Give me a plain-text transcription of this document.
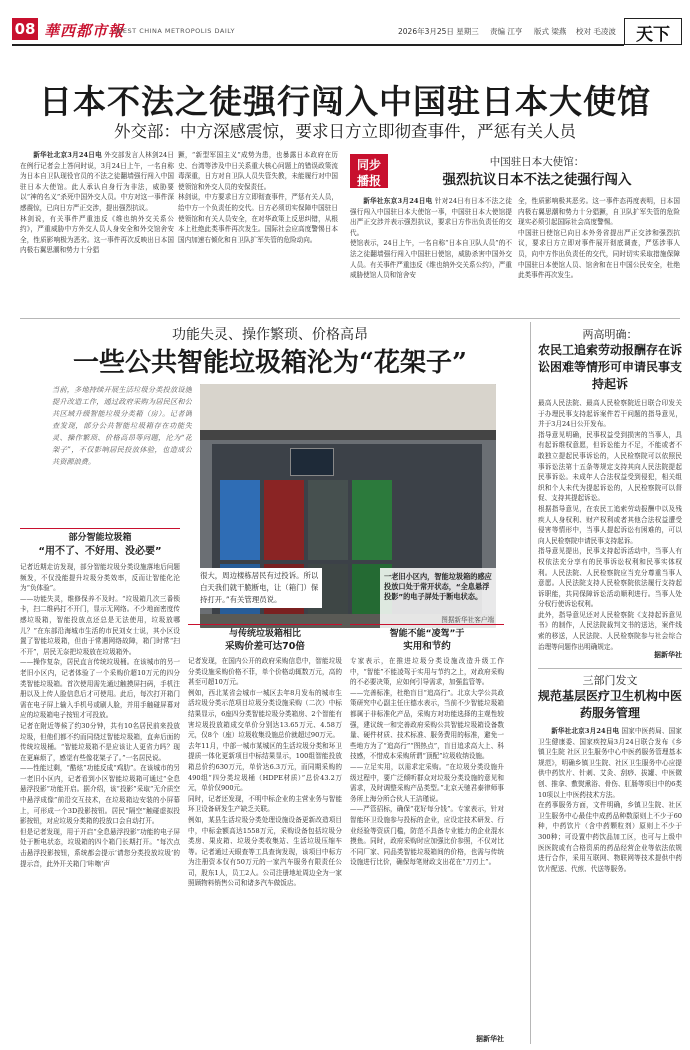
08 華西都市報
WEST CHINA METROPOLIS DAILY	2026年3月25日 星期三 责编 江亨 版式 梁燕 校对 毛凌波	天下
日本不法之徒强行闯入中国驻日本大使馆
外交部：中方深感震惊，要求日方立即彻查事件，严惩有关人员

新华社北京3月24日电 外交部发言人林剑24日在例行记者会上答问时说，3月24日上午，一名自称为日本自卫队现役官员的不法之徒翻墙强行闯入中国驻日本大使馆。此人承认自身行为非法，威胁要以“神的名义”杀死中国外交人员。中方对这一事件深感震惊，已向日方严正交涉，提出强烈抗议。
林剑说，有关事件严重违反《维也纳外交关系公约》，严重威胁中方外交人员人身安全和外交馆舍安全，性质影响极为恶劣。这一事件再次反映出日本国内极右翼思潮和势力十分猖

獗，“新型军国主义”成势为患，也暴露日本政府在历史、台湾等涉及中日关系重大核心问题上的错误政策流毒深重，日方对自卫队人员失管失教，未能履行对中国使领馆和外交人员的安保责任。
林剑说，中方要求日方立即彻查事件，严惩有关人员，给中方一个负责任的交代。日方必须切实保障中国驻日使领馆和有关人员安全，在对华政策上反思纠错，从根本上杜绝此类事件再次发生。国际社会应高度警惕日本国内加速右倾化和自卫队扩军失管的危险动向。
同步
播报
中国驻日本大使馆：
强烈抗议日本不法之徒强行闯入

新华社东京3月24日电 针对24日有日本不法之徒强行闯入中国驻日本大使馆一事，中国驻日本大使馆提出严正交涉并表示强烈抗议，要求日方作出负责任的交代。
使馆表示，24日上午，一名自称“日本自卫队人员”的不法之徒翻墙强行闯入中国驻日使馆，威胁杀害中国外交人员。有关事件严重违反《维也纳外交关系公约》，严重威胁使馆人员和馆舍安

全，性质影响极其恶劣。这一事件态再度表明，日本国内极右翼思潮和势力十分猖獗，自卫队扩军失管的危险现实必须引起国际社会高度警惕。
中国驻日使馆已向日本外务省提出严正交涉和强烈抗议，要求日方立即对事件展开彻底调查，严惩涉事人员，向中方作出负责任的交代，同时切实采取措施保障中国驻日本使馆人员、馆舍和在日中国公民安全，杜绝此类事件再次发生。
功能失灵、操作繁琐、价格高昂
一些公共智能垃圾箱沦为“花架子”
当前，多地持续开展生活垃圾分类投放设施提升改造工作，通过政府采购为居民区和公共区域升级智能垃圾分类箱（房）。记者调查发现，部分公共智能垃圾箱存在功能失灵、操作繁琐、价格高昂等问题，沦为“花架子”，不仅影响居民投放体验，也造成公共资源浪费。
一老旧小区内，智能垃圾箱的感应投放口处于常开状态，“全息悬浮投影”的电子屏处于断电状态。
图据新华社客户端
很大，周边楼栋居民有过投诉。所以白天我们就干脆断电，让（箱门）保持打开。”有关管理员说。
部分智能垃圾箱
“用不了、不好用、没必要”
记者近期走访发现，部分智能垃圾分类设施落地后问题频发，不仅没能提升垃圾分类效率，反而让智能化沦为“负体验”。
——功能失灵，维修保养不及时。“垃圾箱几次三番锁卡，扫二维码打不开门，显示无网络。不少地面密度传感垃圾箱，智能投放点还总是无法使用，垃圾放哪儿？”在东部沿海城市生活的市民刘女士说，其小区设置了智能垃圾箱，但由于常遇网络故障，箱门时常“扫不开”，居民无奈把垃圾放在垃圾箱外。
——操作复杂，居民直言传统垃圾桶。在该城市的另一老旧小区内，记者体验了一个采购价超10万元的四分类智能垃圾箱。首次使用需先通过触摸屏扫码，手机注册以及上传人脸信息后才可使用。此后，每次打开箱门需在电子屏上输入手机号或刷人脸，并用手触碰屏幕对应的垃圾箱电子按钮才可投放。
记者在附近等候了约30分钟，共有10名居民前来投放垃圾，但他们都不约而同绕过智能垃圾箱，直奔后面的传统垃圾桶。“智能垃圾箱不是应该让人更省力吗？现在更麻烦了，感觉有些像花架子了。”一名居民说。
——性能过剩，“酷炫”功能反成“鸡肋”。在该城市的另一老旧小区内，记者看到小区智能垃圾箱可通过“全息悬浮投影”功能开启。据介绍，该“投影”采取“无介质空中悬浮成像”前沿交互技术，在垃圾箱边安装的小屏幕上，可形成一个3D投影按钮。居民“隔空”触碰虚拟投影按钮，对应垃圾分类箱的投放口会自动打开。
但是记者发现，用于开启“全息悬浮投影”功能的电子屏处于断电状态，垃圾箱的四个箱门长期打开。“每次点击悬浮投影按钮，系统都会提示‘请您分类投放垃圾’的提示音，此外开关箱门‘咔嚓’声
与传统垃圾箱相比
采购价差可达70倍
记者发现，在国内公开的政府采购信息中，智能垃圾分类设施采购价格不菲，单个价格动辄数万元，高的甚至可超10万元。
例如，西北某省会城市一城区去年8月发布的城市生活垃圾分类示范项目垃圾分类设施采购（二次）中标结果显示，6座四分类智能垃圾分类箱房、2个智能有害垃圾投放箱成交单价分别达13.65万元、4.58万元，仅8个（座）垃圾收集设施总价就超过90万元。
去年11月，中部一城市某城区的生活垃圾分类和环卫提质一体化更新项目中标结果显示，100组智能投放箱总价约630万元，单价达6.3万元，而同期采购的490组“四分类垃圾桶（HDPE材质）”总价43.2万元，单价仅900元。
同时，记者还发现，不明中标企业的主营业务与智能环卫设备研发生产缺乏关联。
例如，某县生活垃圾分类处理设施设备更新改造项目中，中标金额高达1558万元，采购设备包括垃圾分类房、果皮箱、垃圾分类收集站、生活垃圾压缩车等。记者通过天眼查等工具查询发现，该项目中标方为注册资本仅有50万元的一家汽车服务有限责任公司，股东1人，员工2人。公司注册地址周边全为一家照顾物料销售公司和诸多汽车做饭店。
智能不能“凌驾”于
实用和节约
专家表示，在推进垃圾分类设施改造升级工作中，“智能”不能凌驾于实用与节约之上，对政府采购的不必要决策，应如何引导需求，加强监管等。
——完善标准，杜绝盲目“追高行”。北京大学公共政策研究中心副主任庄德水表示，当前不少智能垃圾箱都属于非标准化产品，采购方对功能选择的主观性较强，建议统一和完善政府采购公共智能垃圾箱设备数量、硬件材质、技术标准、服务费用的标准，避免一些地方为了“追高行”“图热点”，盲目追求高大上、科技感，不惜成本采购所谓“顶配”垃圾收纳设施。
——立足实用，以需求定采购。“在垃圾分类设施升级过程中，要广泛倾听群众对垃圾分类设施的意见和需求，及时调整采购产品类型。”北京天驰君泰律师事务所上海分所合伙人王洁瑾说。
——严管招标，确保“花好每分钱”。专家表示，针对智能环卫设施参与投标的企业，应设定技术研发、行业经验等资质门槛，防范不具备专业能力的企业混水摸鱼。同时，政府采购时应加强比价参照，不仅对比不同厂家、同品类智能垃圾箱间的价格，也需与传统设施进行比价，确保每笔财政支出花在“刀刃上”。
据新华社
两高明确：
农民工追索劳动报酬存在诉讼困难等情形可申请民事支持起诉
最高人民法院、最高人民检察院近日联合印发关于办理民事支持起诉案件若干问题的指导意见，并于3月24日公开发布。
指导意见明确，民事权益受到损害的当事人，具有起诉维权意愿，但诉讼能力不足，不能或者不敢独立提起民事诉讼的，人民检察院可以依照民事诉讼法第十五条等规定支持其向人民法院提起民事诉讼。未成年人合法权益受到侵犯，相关组织和个人未代为提起诉讼的，人民检察院可以督促、支持其提起诉讼。
根据指导意见，在农民工追索劳动报酬中以及残疾人人身权利、财产权利或者其他合法权益遭受侵害等情形中，当事人提起诉讼有困难的，可以向人民检察院申请民事支持起诉。
指导意见提出，民事支持起诉活动中，当事人有权依法充分享有的民事诉讼权利和民事实体权利。人民法院、人民检察院应当充分尊重当事人意愿。人民法院支持人民检察院依法履行支持起诉职能，共同保障诉讼活动顺利进行。当事人处分权行使诉讼权利。
此外，指导意见还对人民检察院《支持起诉意见书》的制作，人民法院裁判文书的送达，案件线索的移送，人民法院、人民检察院参与社会综合治理等问题作出明确规定。
据新华社
三部门发文
规范基层医疗卫生机构中医药服务管理

新华社北京3月24日电 国家中医药局、国家卫生健康委、国家疾控局3月24日联合发布《乡镇卫生院 社区卫生服务中心中医药服务管理基本规范》，明确乡镇卫生院、社区卫生服务中心应提供中药饮片、针刺、艾灸、刮痧、拔罐、中医微创、推拿、敷熨熏浴、骨伤、肛肠等项目中的6类10项以上中医药技术方法。
在药事服务方面，文件明确，乡镇卫生院、社区卫生服务中心最佳中成药品种数原则上不少于60种，中药饮片（含中药颗粒剂）原则上不少于300种；可设置中药饮品加工区，也可与上级中医医院或有合格资质的药品经营企业等依法依规进行合作，采用互联网、物联网等技术提供中药饮片配送、代煎、代送等服务。
